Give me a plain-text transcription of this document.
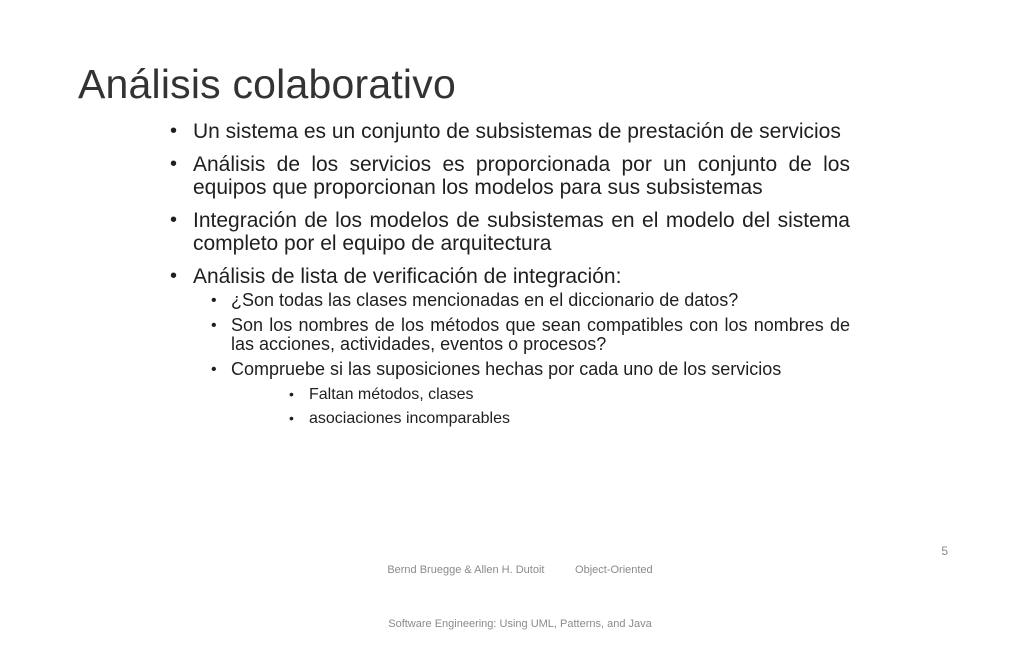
Análisis colaborativo
• Un sistema es un conjunto de subsistemas de prestación de servicios
• Análisis de los servicios es proporcionada por un conjunto de los equipos que proporcionan los modelos para sus subsistemas
• Integración de los modelos de subsistemas en el modelo del sistema completo por el equipo de arquitectura
• Análisis de lista de verificación de integración:
• ¿Son todas las clases mencionadas en el diccionario de datos?
• Son los nombres de los métodos que sean compatibles con los nombres de las acciones, actividades, eventos o procesos?
• Compruebe si las suposiciones hechas por cada uno de los servicios
• Faltan métodos, clases
• asociaciones incomparables

Bernd Bruegge & Allen H. Dutoit          Object-Oriented

Software Engineering: Using UML, Patterns, and Java

5
